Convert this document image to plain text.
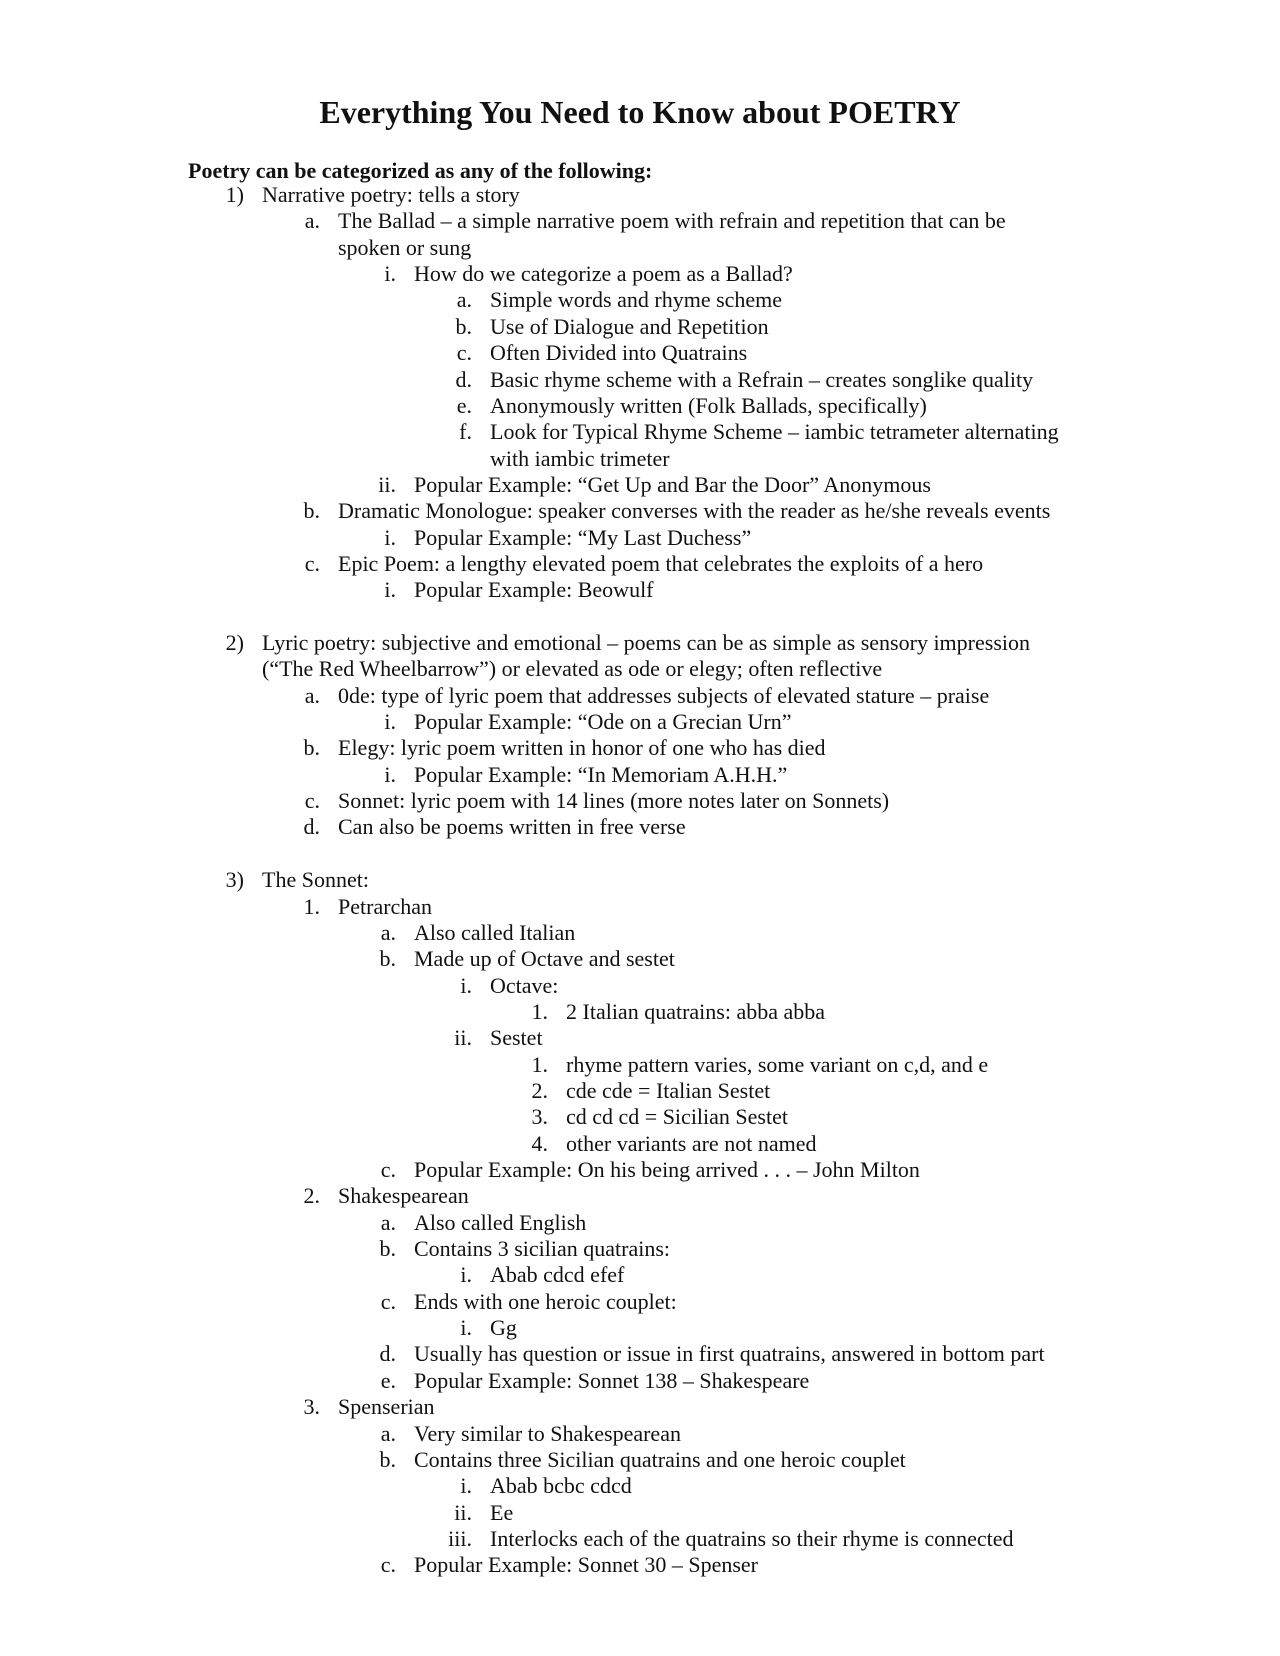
Everything You Need to Know about POETRY
Poetry can be categorized as any of the following:
1) Narrative poetry: tells a story
a. The Ballad – a simple narrative poem with refrain and repetition that can be
spoken or sung
i. How do we categorize a poem as a Ballad?
a. Simple words and rhyme scheme
b. Use of Dialogue and Repetition
c. Often Divided into Quatrains
d. Basic rhyme scheme with a Refrain – creates songlike quality
e. Anonymously written (Folk Ballads, specifically)
f. Look for Typical Rhyme Scheme – iambic tetrameter alternating
with iambic trimeter
ii. Popular Example: “Get Up and Bar the Door” Anonymous
b. Dramatic Monologue: speaker converses with the reader as he/she reveals events
i. Popular Example: “My Last Duchess”
c. Epic Poem: a lengthy elevated poem that celebrates the exploits of a hero
i. Popular Example: Beowulf
2) Lyric poetry: subjective and emotional – poems can be as simple as sensory impression
(“The Red Wheelbarrow”) or elevated as ode or elegy; often reflective
a. 0de: type of lyric poem that addresses subjects of elevated stature – praise
i. Popular Example: “Ode on a Grecian Urn”
b. Elegy: lyric poem written in honor of one who has died
i. Popular Example: “In Memoriam A.H.H.”
c. Sonnet: lyric poem with 14 lines (more notes later on Sonnets)
d. Can also be poems written in free verse
3) The Sonnet:
1. Petrarchan
a. Also called Italian
b. Made up of Octave and sestet
i. Octave:
1. 2 Italian quatrains: abba abba
ii. Sestet
1. rhyme pattern varies, some variant on c,d, and e
2. cde cde = Italian Sestet
3. cd cd cd = Sicilian Sestet
4. other variants are not named
c. Popular Example: On his being arrived . . . – John Milton
2. Shakespearean
a. Also called English
b. Contains 3 sicilian quatrains:
i. Abab cdcd efef
c. Ends with one heroic couplet:
i. Gg
d. Usually has question or issue in first quatrains, answered in bottom part
e. Popular Example: Sonnet 138 – Shakespeare
3. Spenserian
a. Very similar to Shakespearean
b. Contains three Sicilian quatrains and one heroic couplet
i. Abab bcbc cdcd
ii. Ee
iii. Interlocks each of the quatrains so their rhyme is connected
c. Popular Example: Sonnet 30 – Spenser
